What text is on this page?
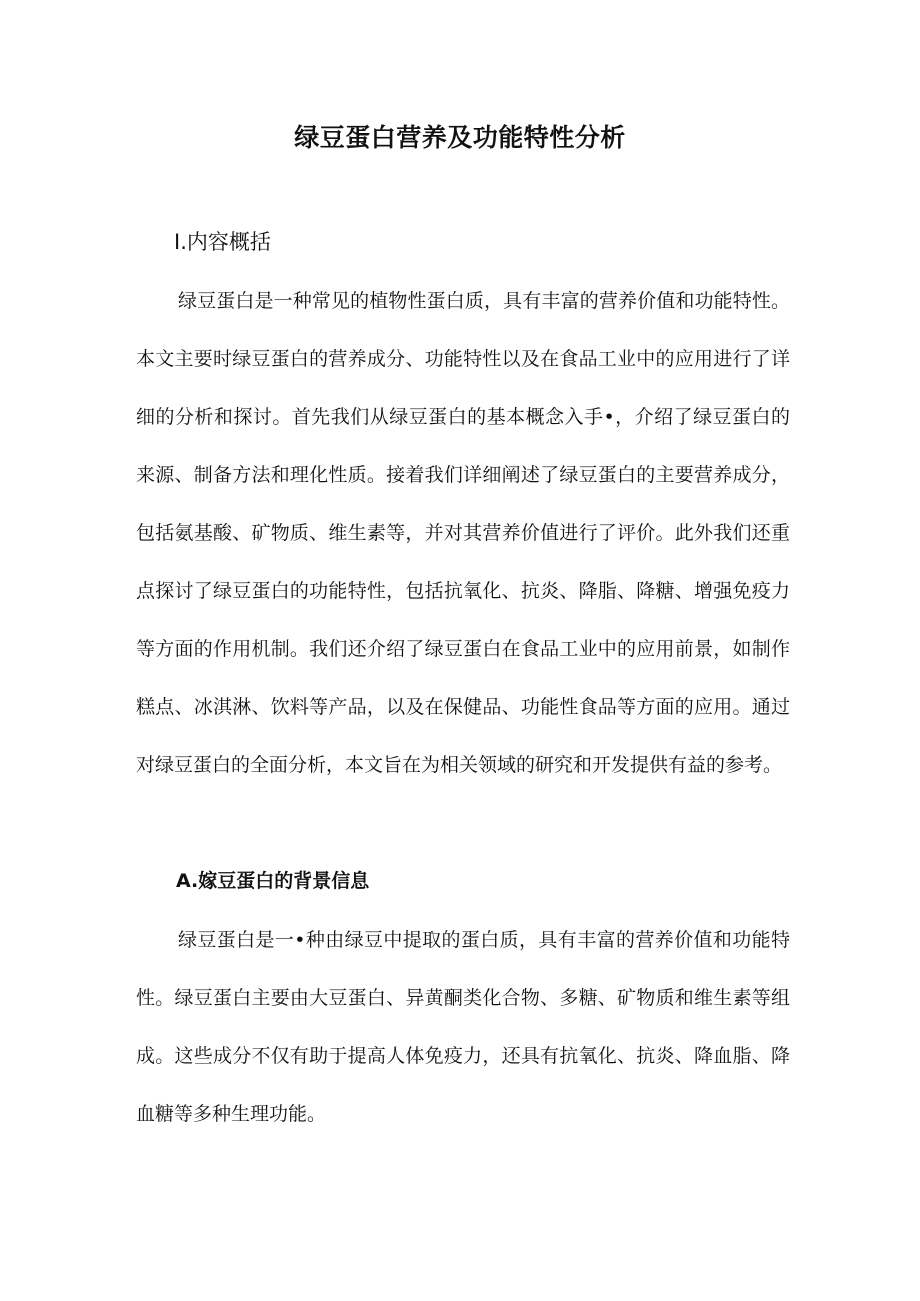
绿豆蛋白营养及功能特性分析
I.内容概括

绿豆蛋白是一种常见的植物性蛋白质，具有丰富的营养价值和功能特性。本文主要时绿豆蛋白的营养成分、功能特性以及在食品工业中的应用进行了详细的分析和探讨。首先我们从绿豆蛋白的基本概念入手•，介绍了绿豆蛋白的来源、制备方法和理化性质。接着我们详细阐述了绿豆蛋白的主要营养成分，包括氨基酸、矿物质、维生素等，并对其营养价值进行了评价。此外我们还重点探讨了绿豆蛋白的功能特性，包括抗氧化、抗炎、降脂、降糖、增强免疫力等方面的作用机制。我们还介绍了绿豆蛋白在食品工业中的应用前景，如制作糕点、冰淇淋、饮料等产品，以及在保健品、功能性食品等方面的应用。通过对绿豆蛋白的全面分析，本文旨在为相关领域的研究和开发提供有益的参考。

A.嫁豆蛋白的背景信息

绿豆蛋白是一•种由绿豆中提取的蛋白质，具有丰富的营养价值和功能特性。绿豆蛋白主要由大豆蛋白、异黄酮类化合物、多糖、矿物质和维生素等组成。这些成分不仅有助于提高人体免疫力，还具有抗氧化、抗炎、降血脂、降血糖等多种生理功能。
